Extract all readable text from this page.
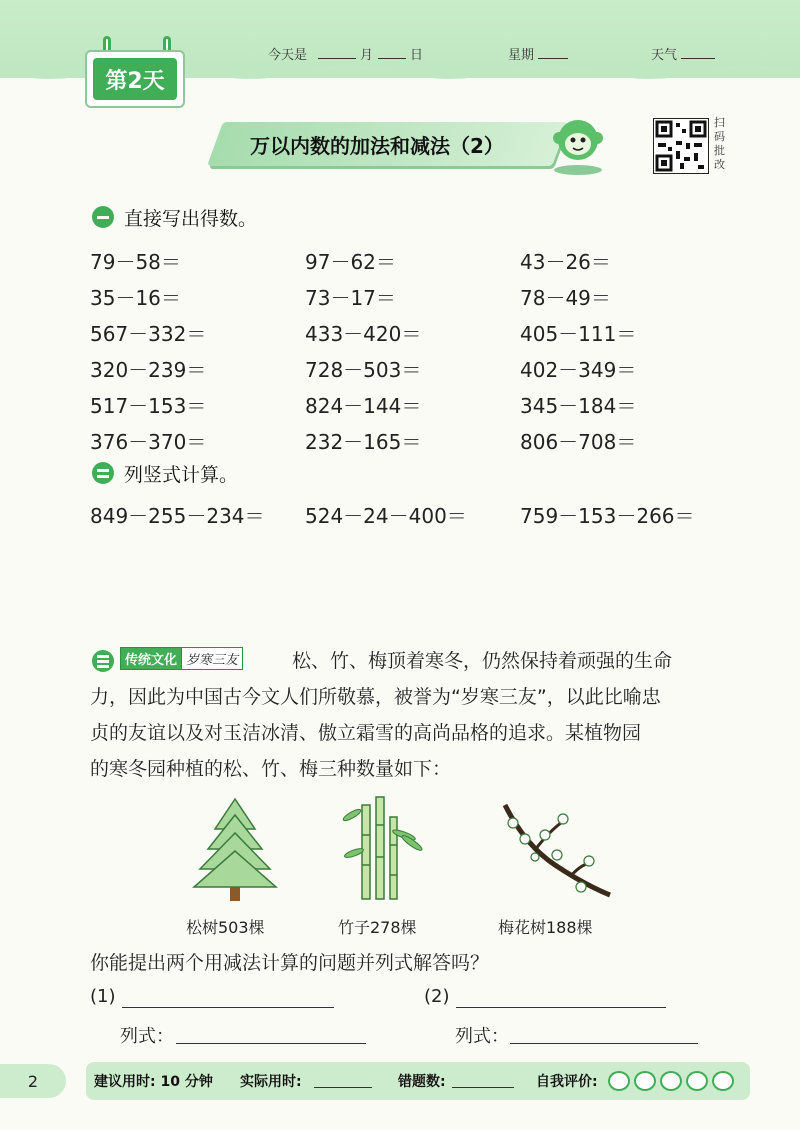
第2天
今天是	月	日	星期	天气
万以内数的加法和减法（2）
扫码批改
直接写出得数。
79－58＝	97－62＝	43－26＝
35－16＝	73－17＝	78－49＝
567－332＝	433－420＝	405－111＝
320－239＝	728－503＝	402－349＝
517－153＝	824－144＝	345－184＝
376－370＝	232－165＝	806－708＝
列竖式计算。
849－255－234＝ 524－24－400＝	759－153－266＝
传统文化 岁寒三友	松、竹、梅顶着寒冬，仍然保持着顽强的生命
力，因此为中国古今文人们所敬慕，被誉为“岁寒三友”，以此比喻忠
贞的友谊以及对玉洁冰清、傲立霜雪的高尚品格的追求。某植物园
的寒冬园种植的松、竹、梅三种数量如下：
松树503棵	竹子278棵	梅花树188棵
你能提出两个用减法计算的问题并列式解答吗？
(1)	(2)
列式：	列式：
2	建议用时: 10 分钟 实际用时:	错题数:	自我评价:
